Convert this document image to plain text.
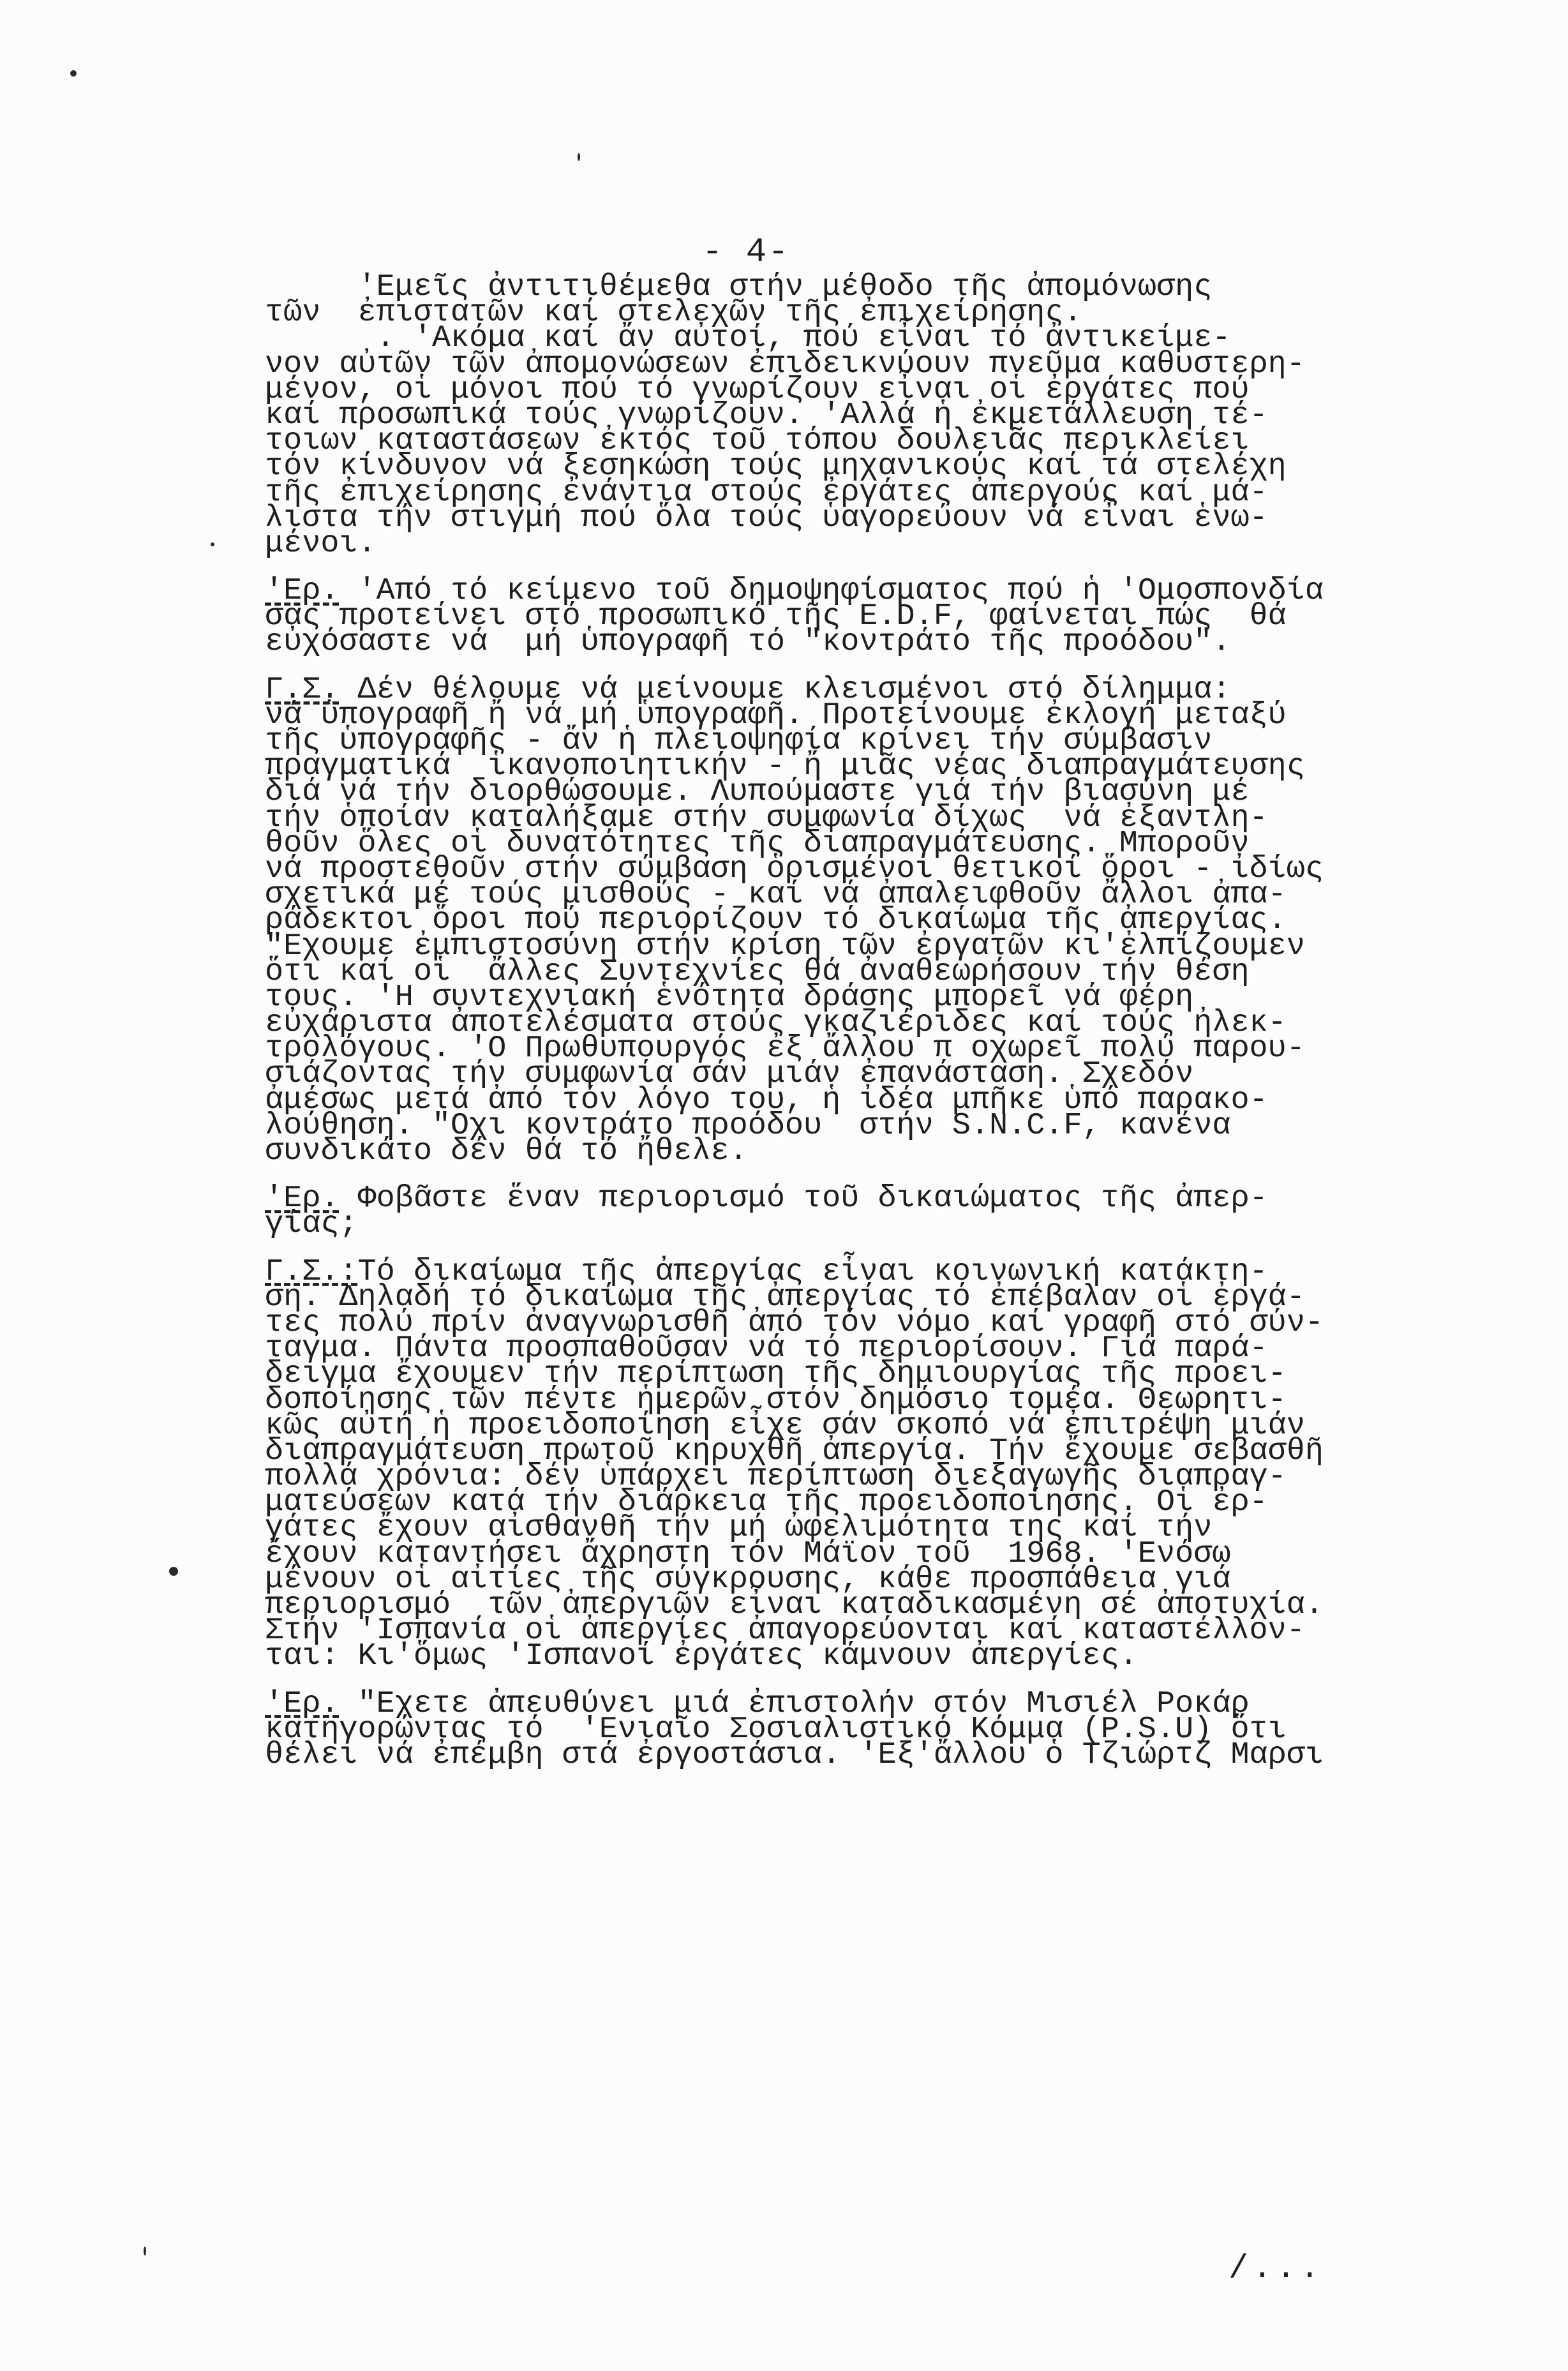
- 4-
'Εμεῖς ἀντιτιθέμεθα στήν μέθοδο τῆς ἀπομόνωσης
τῶν  ἐπιστατῶν καί στελεχῶν τῆς ἐπιχείρησης.
. 'Ακόμα καί ἄν αὐτοί, πού εἶναι τό ἀντικείμε-
νον αὐτῶν τῶν ἀπομονώσεων ἐπιδεικνύουν πνεῦμα καθυστερη-
μένον, οἱ μόνοι πού τό γνωρίζουν εἶναι οἱ ἐργάτες πού
καί προσωπικά τούς γνωρίζουν. 'Αλλά ἡ ἐκμετάλλευση τέ-
τοιων καταστάσεων ἐκτός τοῦ τόπου δουλειᾶς περικλείει
τόν κίνδυνον νά ξεσηκώση τούς μηχανικούς καί τά στελέχη
τῆς ἐπιχείρησης ἐνάντια στούς ἐργάτες ἀπεργούς καί μά-
λιστα τήν στιγμή πού ὅλα τούς ὑαγορεύουν νά εἶναι ἑνω-
μένοι.
'Ερ. 'Από τό κείμενο τοῦ δημοψηφίσματος πού ἡ 'Ομοσπονδία
σας προτείνει στό προσωπικό τῆς E.D.F, φαίνεται πώς  θά
εὐχόσαστε νά  μή ὑπογραφῆ τό "κοντράτο τῆς προόδου".
Γ.Σ. Δέν θέλουμε νά μείνουμε κλεισμένοι στό δίλημμα:
νά ὑπογραφῆ ἤ νά μή ὑπογραφῆ. Προτείνουμε ἐκλογή μεταξύ
τῆς ὑπογραφῆς - ἄν ἡ πλειοψηφία κρίνει τήν σύμβασιν
πραγματικά  ἱκανοποιητικήν - ἤ μιᾶς νέας διαπραγμάτευσης
διά νά τήν διορθώσουμε. Λυπούμαστε γιά τήν βιασύνη μέ
τήν ὁποίαν καταλήξαμε στήν συμφωνία δίχως  νά ἐξαντλη-
θοῦν ὅλες οἱ δυνατότητες τῆς διαπραγμάτευσης. Μποροῦν
νά προστεθοῦν στήν σύμβαση ὁρισμένοι θετικοί ὅροι - ἰδίως
σχετικά μέ τούς μισθούς - καί νά ἀπαλειφθοῦν ἄλλοι ἀπα-
ράδεκτοι ὅροι πού περιορίζουν τό δικαίωμα τῆς ἀπεργίας.
"Εχουμε ἐμπιστοσύνη στήν κρίση τῶν ἐργατῶν κι'ἐλπίζουμεν
ὅτι καί οἱ  ἄλλες Συντεχνίες θά ἀναθεωρήσουν τήν θέση
τους. 'Η συντεχνιακή ἑνότητα δράσης μπορεῖ νά φέρη
εὐχάριστα ἀποτελέσματα στούς γκαζιέριδες καί τούς ἠλεκ-
τρολόγους. 'Ο Πρωθυπουργός ἐξ ἄλλου π οχωρεῖ πολύ παρου-
σιάζοντας τήν συμφωνία σάν μιάν ἐπανάσταση. Σχεδόν
ἀμέσως μετά ἀπό τόν λόγο του, ἡ ἰδέα μπῆκε ὑπό παρακο-
λούθηση. "Οχι κοντράτο προόδου  στήν S.N.C.F, κανένα
συνδικάτο δέν θά τό ἤθελε.
'Ερ. Φοβᾶστε ἕναν περιορισμό τοῦ δικαιώματος τῆς ἀπερ-
γίας;
Γ.Σ.:Τό δικαίωμα τῆς ἀπεργίας εἶναι κοινωνική κατάκτη-
ση. Δηλαδή τό δικαίωμα τῆς ἀπεργίας τό ἐπέβαλαν οἱ ἐργά-
τες πολύ πρίν ἀναγνωρισθῆ ἀπό τόν νόμο καί γραφῆ στό σύν-
ταγμα. Πάντα προσπαθοῦσαν νά τό περιορίσουν. Γιά παρά-
δειγμα ἔχουμεν τήν περίπτωση τῆς δημιουργίας τῆς προει-
δοποίησης τῶν πέντε ἡμερῶν στόν δημόσιο τομέα. Θεωρητι-
κῶς αὐτή ἡ προειδοποίηση εἶχε σάν σκοπό νά ἐπιτρέψη μιάν
διαπραγμάτευση πρωτοῦ κηρυχθῆ ἀπεργία. Τήν ἔχουμε σεβασθῆ
πολλά χρόνια: δέν ὑπάρχει περίπτωση διεξαγωγῆς διαπραγ-
ματεύσεων κατά τήν διάρκεια τῆς προειδοποίησης. Οἱ ἐρ-
γάτες ἔχουν αἰσθανθῆ τήν μή ὠφελιμότητα της καί τήν
ἔχουν καταντήσει ἄχρηστη τόν Μάϊον τοῦ  1968. 'Ενόσω
μένουν οἱ αἰτίες τῆς σύγκρουσης, κάθε προσπάθεια γιά
περιορισμό  τῶν ἀπεργιῶν εἶναι καταδικασμένη σέ ἀποτυχία.
Στήν 'Ισπανία οἱ ἀπεργίες ἀπαγορεύονται καί καταστέλλον-
ται: Κι'ὅμως 'Ισπανοί ἐργάτες κάμνουν ἀπεργίες.
'Ερ. "Εχετε ἀπευθύνει μιά ἐπιστολήν στόν Μισιέλ Ροκάρ
κατηγορώντας τό  'Ενιαῖο Σοσιαλιστικό Κόμμα (P.S.U) ὅτι
θέλει νά ἐπέμβη στά ἐργοστάσια. 'Εξ'ἄλλου ὁ Τζιώρτζ Μαρσι
/...
